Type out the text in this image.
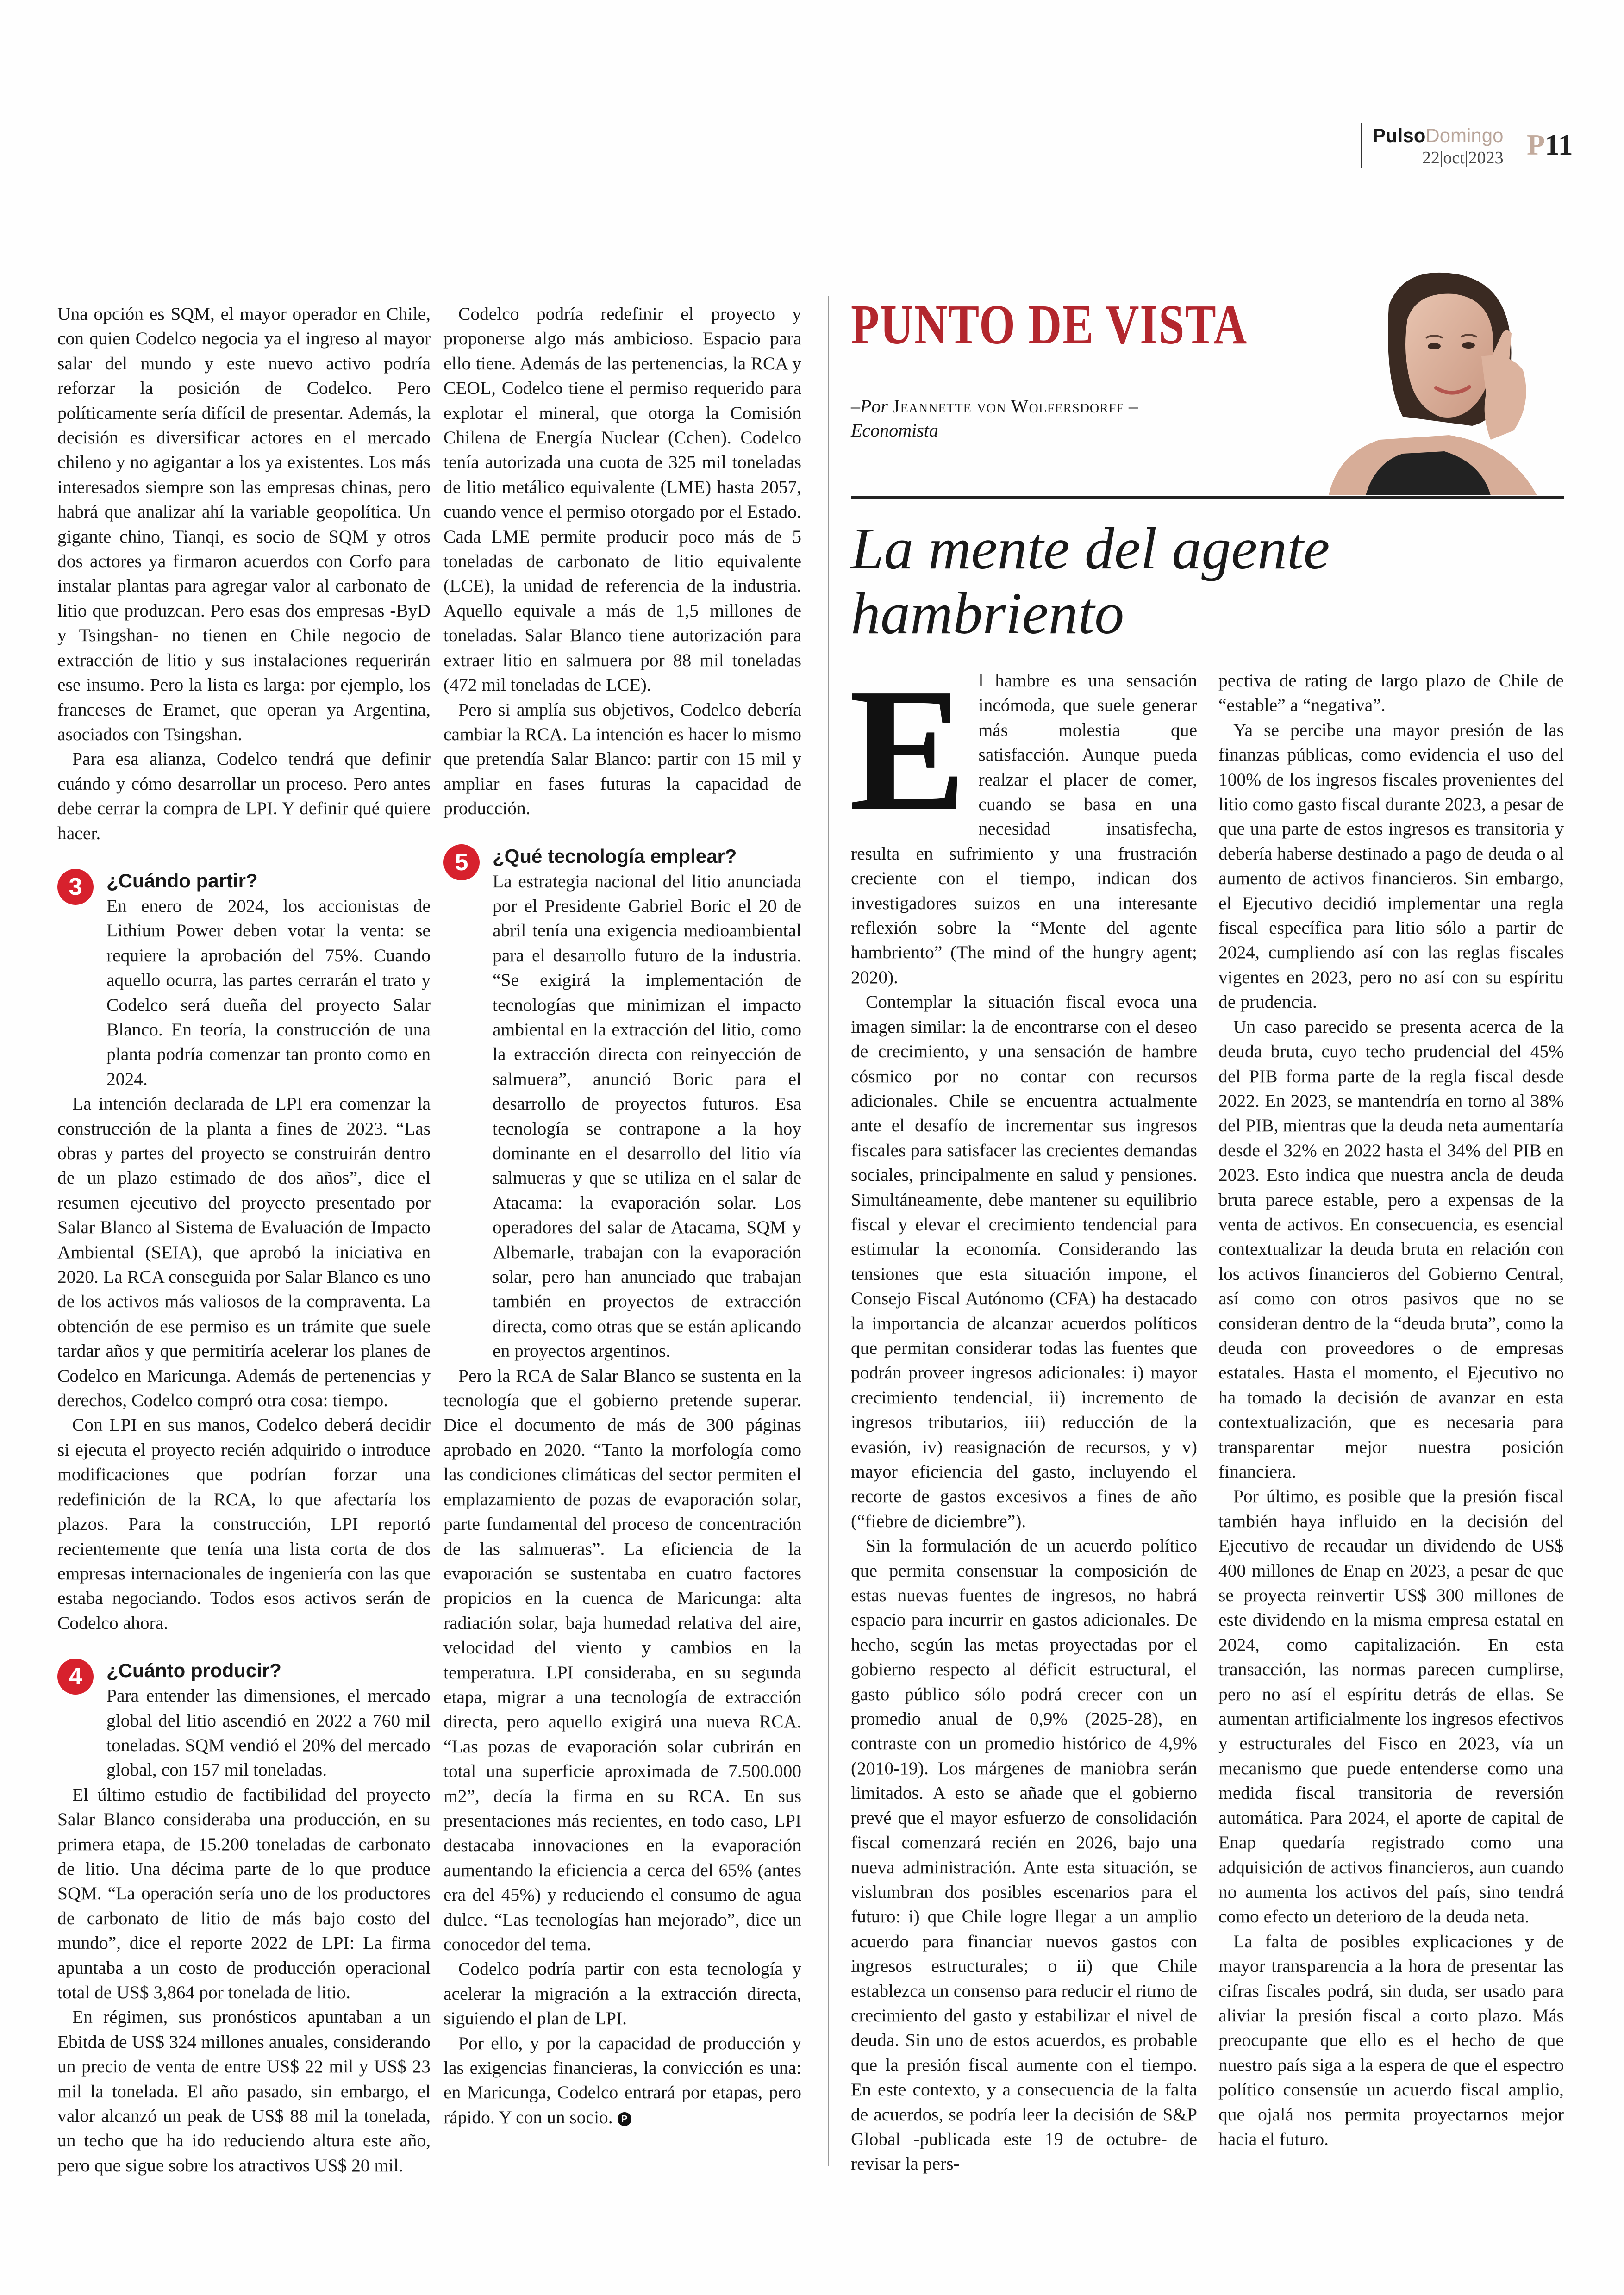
PulsoDomingo
22|oct|2023 P11

Una opción es SQM, el mayor operador en Chile, con quien Codelco negocia ya el ingreso al mayor salar del mundo y este nuevo activo podría reforzar la posición de Codelco. Pero políticamente sería difícil de presentar. Además, la decisión es diversificar actores en el mercado chileno y no agigantar a los ya existentes. Los más interesados siempre son las empresas chinas, pero habrá que analizar ahí la variable geopolítica. Un gigante chino, Tianqi, es socio de SQM y otros dos actores ya firmaron acuerdos con Corfo para instalar plantas para agregar valor al carbonato de litio que produzcan. Pero esas dos empresas -ByD y Tsingshan- no tienen en Chile negocio de extracción de litio y sus instalaciones requerirán ese insumo. Pero la lista es larga: por ejemplo, los franceses de Eramet, que operan ya Argentina, asociados con Tsingshan.

Para esa alianza, Codelco tendrá que definir cuándo y cómo desarrollar un proceso. Pero antes debe cerrar la compra de LPI. Y definir qué quiere hacer.

3	¿Cuándo partir?

En enero de 2024, los accionistas de Lithium Power deben votar la venta: se requiere la aprobación del 75%. Cuando aquello ocurra, las partes cerrarán el trato y Codelco será dueña del proyecto Salar Blanco. En teoría, la construcción de una planta podría comenzar tan pronto como en 2024.

La intención declarada de LPI era comenzar la construcción de la planta a fines de 2023. “Las obras y partes del proyecto se construirán dentro de un plazo estimado de dos años”, dice el resumen ejecutivo del proyecto presentado por Salar Blanco al Sistema de Evaluación de Impacto Ambiental (SEIA), que aprobó la iniciativa en 2020. La RCA conseguida por Salar Blanco es uno de los activos más valiosos de la compraventa. La obtención de ese permiso es un trámite que suele tardar años y que permitiría acelerar los planes de Codelco en Maricunga. Además de pertenencias y derechos, Codelco compró otra cosa: tiempo.

Con LPI en sus manos, Codelco deberá decidir si ejecuta el proyecto recién adquirido o introduce modificaciones que podrían forzar una redefinición de la RCA, lo que afectaría los plazos. Para la construcción, LPI reportó recientemente que tenía una lista corta de dos empresas internacionales de ingeniería con las que estaba negociando. Todos esos activos serán de Codelco ahora.

4	¿Cuánto producir?

Para entender las dimensiones, el mercado global del litio ascendió en 2022 a 760 mil toneladas. SQM vendió el 20% del mercado global, con 157 mil toneladas.

El último estudio de factibilidad del proyecto Salar Blanco consideraba una producción, en su primera etapa, de 15.200 toneladas de carbonato de litio. Una décima parte de lo que produce SQM. “La operación sería uno de los productores de carbonato de litio de más bajo costo del mundo”, dice el reporte 2022 de LPI: La firma apuntaba a un costo de producción operacional total de US$ 3,864 por tonelada de litio.

En régimen, sus pronósticos apuntaban a un Ebitda de US$ 324 millones anuales, considerando un precio de venta de entre US$ 22 mil y US$ 23 mil la tonelada. El año pasado, sin embargo, el valor alcanzó un peak de US$ 88 mil la tonelada, un techo que ha ido reduciendo altura este año, pero que sigue sobre los atractivos US$ 20 mil.

Codelco podría redefinir el proyecto y proponerse algo más ambicioso. Espacio para ello tiene. Además de las pertenencias, la RCA y CEOL, Codelco tiene el permiso requerido para explotar el mineral, que otorga la Comisión Chilena de Energía Nuclear (Cchen). Codelco tenía autorizada una cuota de 325 mil toneladas de litio metálico equivalente (LME) hasta 2057, cuando vence el permiso otorgado por el Estado. Cada LME permite producir poco más de 5 toneladas de carbonato de litio equivalente (LCE), la unidad de referencia de la industria. Aquello equivale a más de 1,5 millones de toneladas. Salar Blanco tiene autorización para extraer litio en salmuera por 88 mil toneladas (472 mil toneladas de LCE).

Pero si amplía sus objetivos, Codelco debería cambiar la RCA. La intención es hacer lo mismo que pretendía Salar Blanco: partir con 15 mil y ampliar en fases futuras la capacidad de producción.

5	¿Qué tecnología emplear?

La estrategia nacional del litio anunciada por el Presidente Gabriel Boric el 20 de abril tenía una exigencia medioambiental para el desarrollo futuro de la industria. “Se exigirá la implementación de tecnologías que minimizan el impacto ambiental en la extracción del litio, como la extracción directa con reinyección de salmuera”, anunció Boric para el desarrollo de proyectos futuros. Esa tecnología se contrapone a la hoy dominante en el desarrollo del litio vía salmueras y que se utiliza en el salar de Atacama: la evaporación solar. Los operadores del salar de Atacama, SQM y Albemarle, trabajan con la evaporación solar, pero han anunciado que trabajan también en proyectos de extracción directa, como otras que se están aplicando en proyectos argentinos.

Pero la RCA de Salar Blanco se sustenta en la tecnología que el gobierno pretende superar. Dice el documento de más de 300 páginas aprobado en 2020. “Tanto la morfología como las condiciones climáticas del sector permiten el emplazamiento de pozas de evaporación solar, parte fundamental del proceso de concentración de las salmueras”. La eficiencia de la evaporación se sustentaba en cuatro factores propicios en la cuenca de Maricunga: alta radiación solar, baja humedad relativa del aire, velocidad del viento y cambios en la temperatura. LPI consideraba, en su segunda etapa, migrar a una tecnología de extracción directa, pero aquello exigirá una nueva RCA. “Las pozas de evaporación solar cubrirán en total una superficie aproximada de 7.500.000 m2”, decía la firma en su RCA. En sus presentaciones más recientes, en todo caso, LPI destacaba innovaciones en la evaporación aumentando la eficiencia a cerca del 65% (antes era del 45%) y reduciendo el consumo de agua dulce. “Las tecnologías han mejorado”, dice un conocedor del tema.

Codelco podría partir con esta tecnología y acelerar la migración a la extracción directa, siguiendo el plan de LPI.

Por ello, y por la capacidad de producción y las exigencias financieras, la convicción es una: en Maricunga, Codelco entrará por etapas, pero rápido. Y con un socio. P

PUNTO DE VISTA
–Por Jeannette von Wolfersdorff –
Economista
La mente del agente hambriento

El hambre es una sensación incómoda, que suele generar más molestia que satisfacción. Aunque pueda realzar el placer de comer, cuando se basa en una necesidad insatisfecha, resulta en sufrimiento y una frustración creciente con el tiempo, indican dos investigadores suizos en una interesante reflexión sobre la “Mente del agente hambriento” (The mind of the hungry agent; 2020).

Contemplar la situación fiscal evoca una imagen similar: la de encontrarse con el deseo de crecimiento, y una sensación de hambre cósmico por no contar con recursos adicionales. Chile se encuentra actualmente ante el desafío de incrementar sus ingresos fiscales para satisfacer las crecientes demandas sociales, principalmente en salud y pensiones. Simultáneamente, debe mantener su equilibrio fiscal y elevar el crecimiento tendencial para estimular la economía. Considerando las tensiones que esta situación impone, el Consejo Fiscal Autónomo (CFA) ha destacado la importancia de alcanzar acuerdos políticos que permitan considerar todas las fuentes que podrán proveer ingresos adicionales: i) mayor crecimiento tendencial, ii) incremento de ingresos tributarios, iii) reducción de la evasión, iv) reasignación de recursos, y v) mayor eficiencia del gasto, incluyendo el recorte de gastos excesivos a fines de año (“fiebre de diciembre”).

Sin la formulación de un acuerdo político que permita consensuar la composición de estas nuevas fuentes de ingresos, no habrá espacio para incurrir en gastos adicionales. De hecho, según las metas proyectadas por el gobierno respecto al déficit estructural, el gasto público sólo podrá crecer con un promedio anual de 0,9% (2025-28), en contraste con un promedio histórico de 4,9% (2010-19). Los márgenes de maniobra serán limitados. A esto se añade que el gobierno prevé que el mayor esfuerzo de consolidación fiscal comenzará recién en 2026, bajo una nueva administración. Ante esta situación, se vislumbran dos posibles escenarios para el futuro: i) que Chile logre llegar a un amplio acuerdo para financiar nuevos gastos con ingresos estructurales; o ii) que Chile establezca un consenso para reducir el ritmo de crecimiento del gasto y estabilizar el nivel de deuda. Sin uno de estos acuerdos, es probable que la presión fiscal aumente con el tiempo. En este contexto, y a consecuencia de la falta de acuerdos, se podría leer la decisión de S&P Global -publicada este 19 de octubre- de revisar la pers-

pectiva de rating de largo plazo de Chile de “estable” a “negativa”.

Ya se percibe una mayor presión de las finanzas públicas, como evidencia el uso del 100% de los ingresos fiscales provenientes del litio como gasto fiscal durante 2023, a pesar de que una parte de estos ingresos es transitoria y debería haberse destinado a pago de deuda o al aumento de activos financieros. Sin embargo, el Ejecutivo decidió implementar una regla fiscal específica para litio sólo a partir de 2024, cumpliendo así con las reglas fiscales vigentes en 2023, pero no así con su espíritu de prudencia.

Un caso parecido se presenta acerca de la deuda bruta, cuyo techo prudencial del 45% del PIB forma parte de la regla fiscal desde 2022. En 2023, se mantendría en torno al 38% del PIB, mientras que la deuda neta aumentaría desde el 32% en 2022 hasta el 34% del PIB en 2023. Esto indica que nuestra ancla de deuda bruta parece estable, pero a expensas de la venta de activos. En consecuencia, es esencial contextualizar la deuda bruta en relación con los activos financieros del Gobierno Central, así como con otros pasivos que no se consideran dentro de la “deuda bruta”, como la deuda con proveedores o de empresas estatales. Hasta el momento, el Ejecutivo no ha tomado la decisión de avanzar en esta contextualización, que es necesaria para transparentar mejor nuestra posición financiera.

Por último, es posible que la presión fiscal también haya influido en la decisión del Ejecutivo de recaudar un dividendo de US$ 400 millones de Enap en 2023, a pesar de que se proyecta reinvertir US$ 300 millones de este dividendo en la misma empresa estatal en 2024, como capitalización. En esta transacción, las normas parecen cumplirse, pero no así el espíritu detrás de ellas. Se aumentan artificialmente los ingresos efectivos y estructurales del Fisco en 2023, vía un mecanismo que puede entenderse como una medida fiscal transitoria de reversión automática. Para 2024, el aporte de capital de Enap quedaría registrado como una adquisición de activos financieros, aun cuando no aumenta los activos del país, sino tendrá como efecto un deterioro de la deuda neta.

La falta de posibles explicaciones y de mayor transparencia a la hora de presentar las cifras fiscales podrá, sin duda, ser usado para aliviar la presión fiscal a corto plazo. Más preocupante que ello es el hecho de que nuestro país siga a la espera de que el espectro político consensúe un acuerdo fiscal amplio, que ojalá nos permita proyectarnos mejor hacia el futuro.
